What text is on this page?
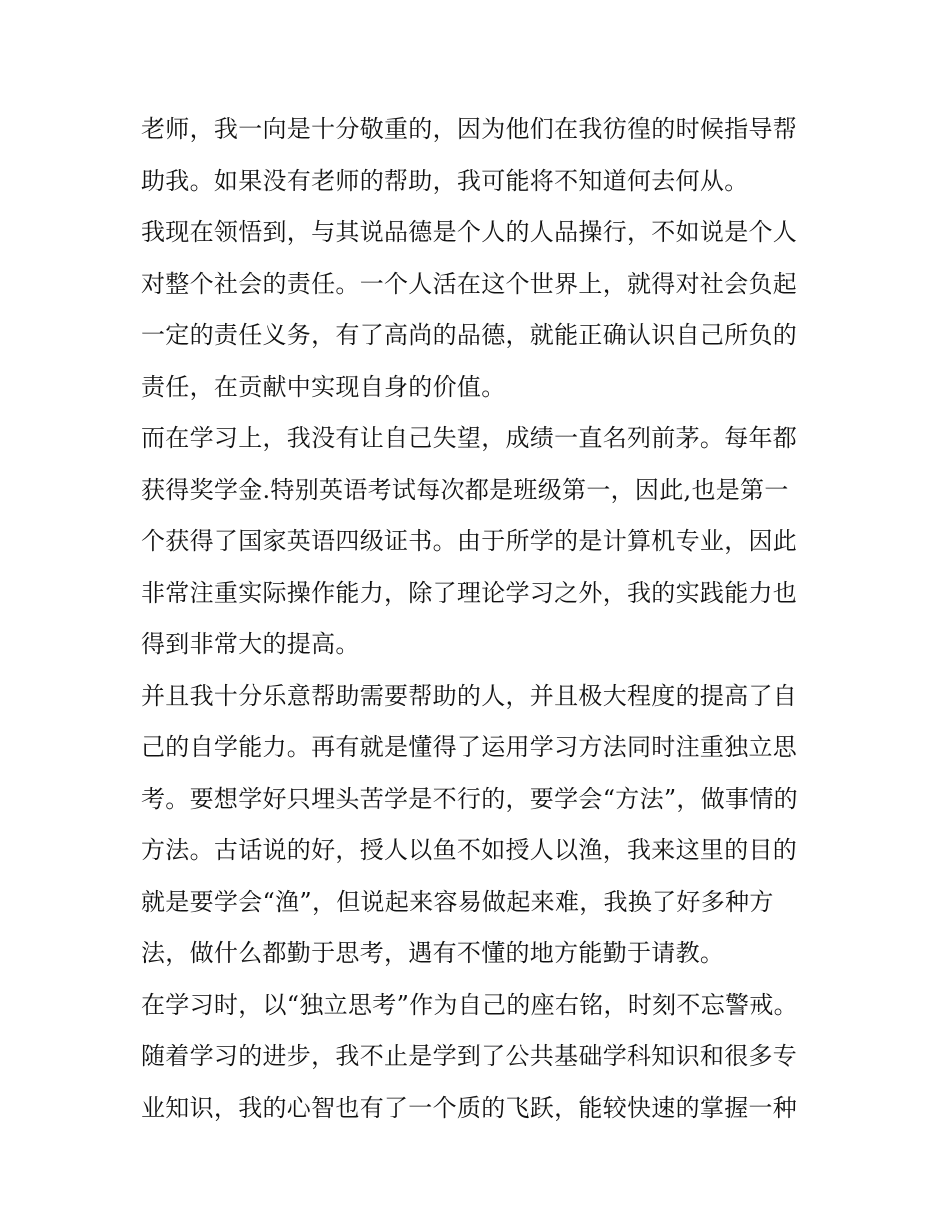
老师，我一向是十分敬重的，因为他们在我彷徨的时候指导帮
助我。如果没有老师的帮助，我可能将不知道何去何从。
我现在领悟到，与其说品德是个人的人品操行，不如说是个人
对整个社会的责任。一个人活在这个世界上，就得对社会负起
一定的责任义务，有了高尚的品德，就能正确认识自己所负的
责任，在贡献中实现自身的价值。
而在学习上，我没有让自己失望，成绩一直名列前茅。每年都
获得奖学金.特别英语考试每次都是班级第一，因此,也是第一
个获得了国家英语四级证书。由于所学的是计算机专业，因此
非常注重实际操作能力，除了理论学习之外，我的实践能力也
得到非常大的提高。
并且我十分乐意帮助需要帮助的人，并且极大程度的提高了自
己的自学能力。再有就是懂得了运用学习方法同时注重独立思
考。要想学好只埋头苦学是不行的，要学会“方法”，做事情的
方法。古话说的好，授人以鱼不如授人以渔，我来这里的目的
就是要学会“渔”，但说起来容易做起来难，我换了好多种方
法，做什么都勤于思考，遇有不懂的地方能勤于请教。
在学习时，以“独立思考”作为自己的座右铭，时刻不忘警戒。
随着学习的进步，我不止是学到了公共基础学科知识和很多专
业知识，我的心智也有了一个质的飞跃，能较快速的掌握一种
